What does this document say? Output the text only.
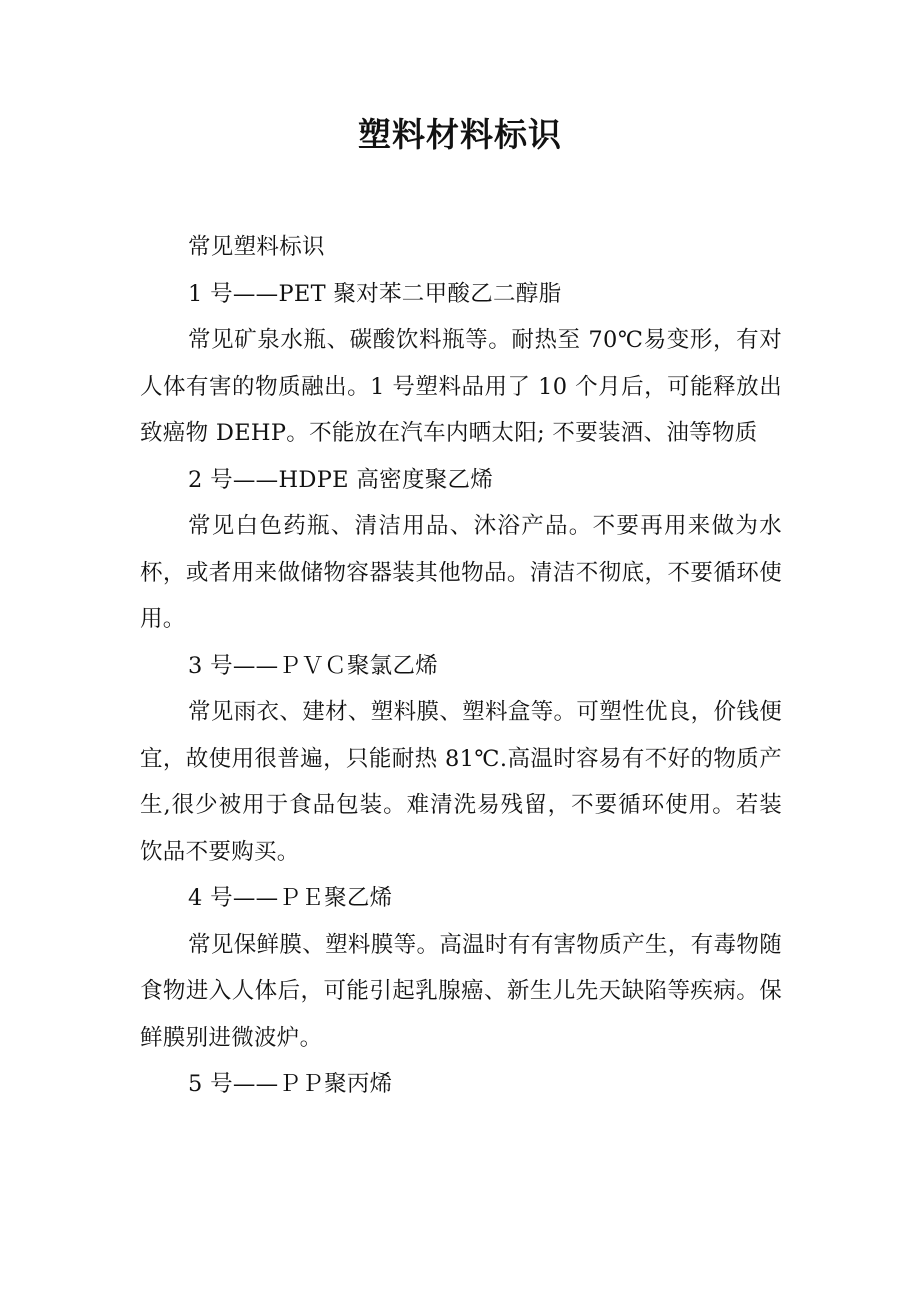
塑料材料标识

常见塑料标识

1 号——PET 聚对苯二甲酸乙二醇脂

常见矿泉水瓶、碳酸饮料瓶等。耐热至 70℃易变形，有对人体有害的物质融出。1 号塑料品用了 10 个月后，可能释放出致癌物 DEHP。不能放在汽车内晒太阳; 不要装酒、油等物质

2 号——HDPE 高密度聚乙烯

常见白色药瓶、清洁用品、沐浴产品。不要再用来做为水杯，或者用来做储物容器装其他物品。清洁不彻底，不要循环使用。

3 号——ＰＶＣ聚氯乙烯

常见雨衣、建材、塑料膜、塑料盒等。可塑性优良，价钱便宜，故使用很普遍，只能耐热 81℃.高温时容易有不好的物质产生,很少被用于食品包装。难清洗易残留，不要循环使用。若装饮品不要购买。

4 号——ＰＥ聚乙烯

常见保鲜膜、塑料膜等。高温时有有害物质产生，有毒物随食物进入人体后，可能引起乳腺癌、新生儿先天缺陷等疾病。保鲜膜别进微波炉。

5 号——ＰＰ聚丙烯
